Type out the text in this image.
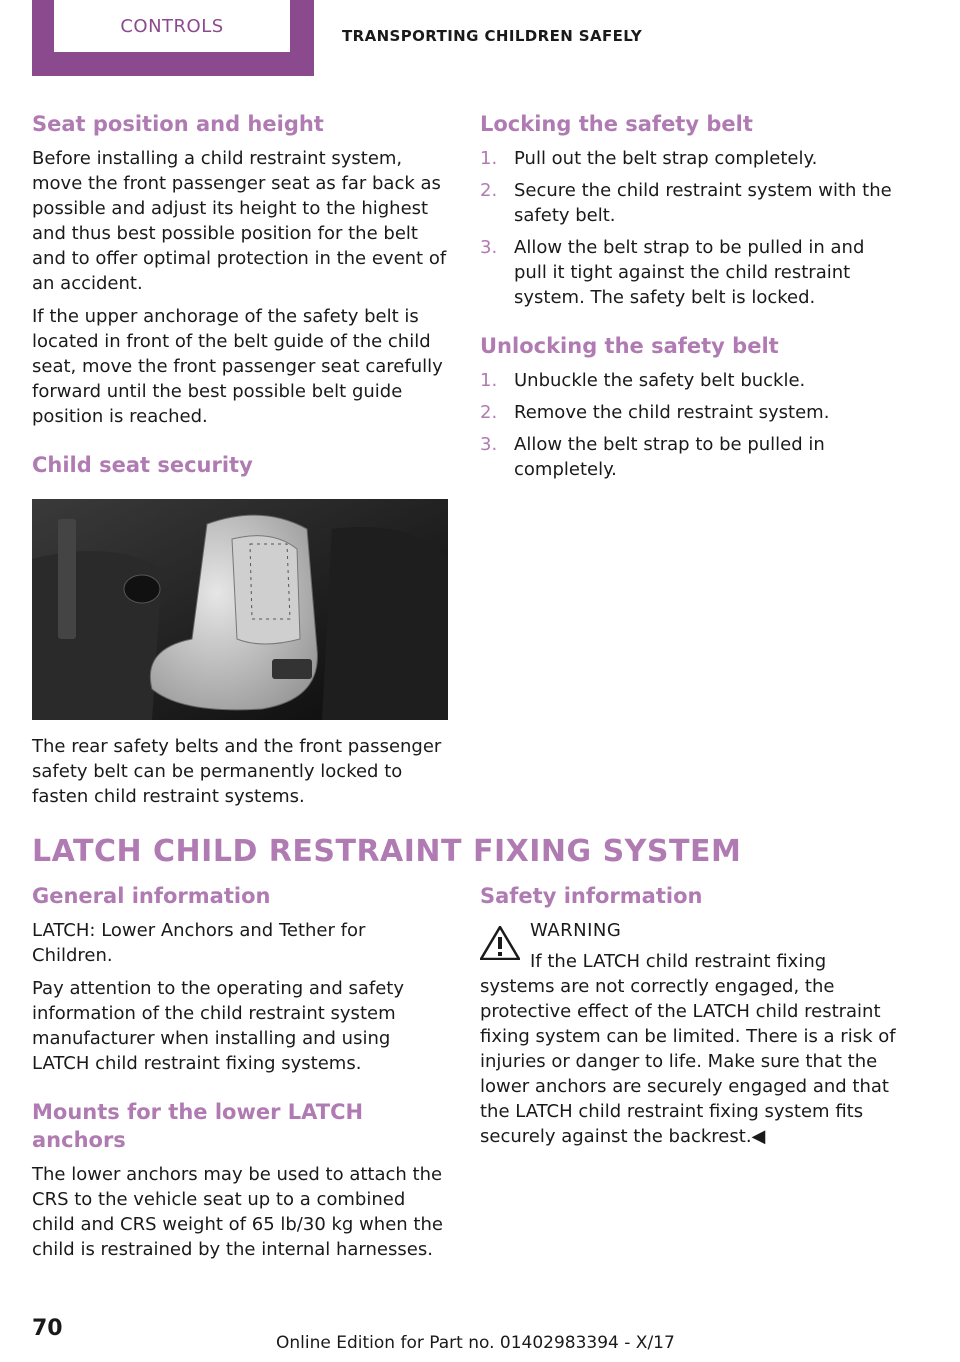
CONTROLS	TRANSPORTING CHILDREN SAFELY
Seat position and height

Before installing a child restraint system, move the front passenger seat as far back as possible and adjust its height to the highest and thus best possible position for the belt and to offer optimal protection in the event of an accident.

If the upper anchorage of the safety belt is located in front of the belt guide of the child seat, move the front passenger seat carefully forward until the best possible belt guide position is reached.

Child seat security

The rear safety belts and the front passenger safety belt can be permanently locked to fasten child restraint systems.

Locking the safety belt
1. Pull out the belt strap completely.
2. Secure the child restraint system with the safety belt.
3. Allow the belt strap to be pulled in and pull it tight against the child restraint system. The safety belt is locked.
Unlocking the safety belt
1. Unbuckle the safety belt buckle.
2. Remove the child restraint system.
3. Allow the belt strap to be pulled in completely.
LATCH CHILD RESTRAINT FIXING SYSTEM
General information

LATCH: Lower Anchors and Tether for Children.

Pay attention to the operating and safety information of the child restraint system manufacturer when installing and using LATCH child restraint fixing systems.

Mounts for the lower LATCH anchors

The lower anchors may be used to attach the CRS to the vehicle seat up to a combined child and CRS weight of 65 lb/30 kg when the child is restrained by the internal harnesses.

Safety information

WARNING

If the LATCH child restraint fixing systems are not correctly engaged, the protective effect of the LATCH child restraint fixing system can be limited. There is a risk of injuries or danger to life. Make sure that the lower anchors are securely engaged and that the LATCH child restraint fixing system fits securely against the backrest.◀

70
Online Edition for Part no. 01402983394 - X/17
